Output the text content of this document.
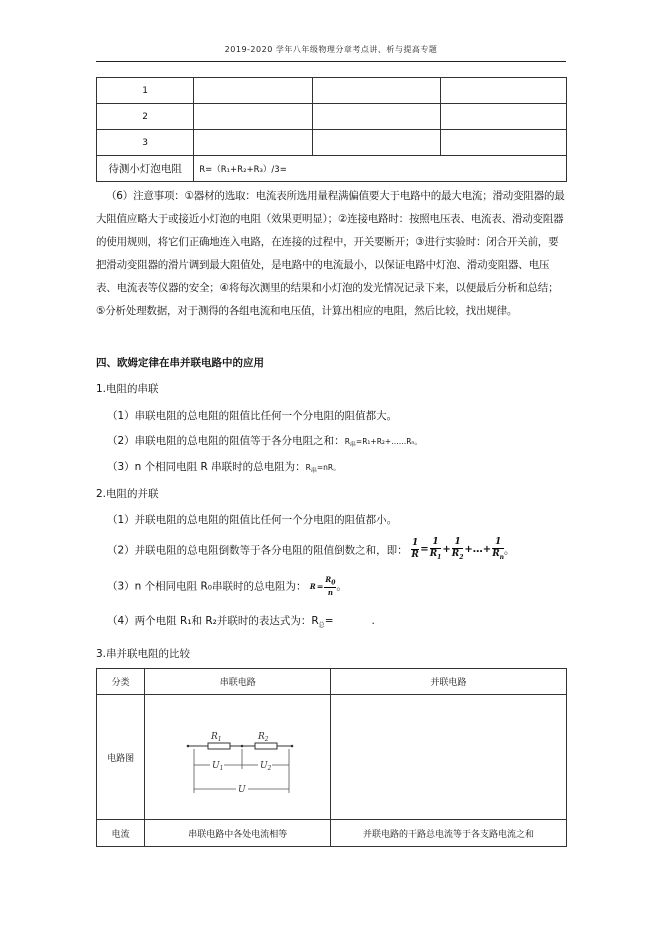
2019-2020 学年八年级物理分章考点讲、析与提高专题
1			
2			
3			
待测小灯泡电阻	R=（R₁+R₂+R₃）/3=		
（6）注意事项：①器材的选取：电流表所选用量程满偏值要大于电路中的最大电流；滑动变阻器的最大阻值应略大于或接近小灯泡的电阻（效果更明显）；②连接电路时：按照电压表、电流表、滑动变阻器的使用规则，将它们正确地连入电路，在连接的过程中，开关要断开；③进行实验时：闭合开关前，要把滑动变阻器的滑片调到最大阻值处，是电路中的电流最小，以保证电路中灯泡、滑动变阻器、电压表、电流表等仪器的安全；④将每次测里的结果和小灯泡的发光情况记录下来，以便最后分析和总结；⑤分析处理数据，对于测得的各组电流和电压值，计算出相应的电阻，然后比较，找出规律。
四、欧姆定律在串并联电路中的应用
1.电阻的串联
（1）串联电阻的总电阻的阻值比任何一个分电阻的阻值都大。
（2）串联电阻的总电阻的阻值等于各分电阻之和：$R_串=R_1+R_2+\dots\dots R_n$。
（3）n 个相同电阻 R 串联时的总电阻为：$R_串=nR$。
2.电阻的并联
（1）并联电阻的总电阻的阻值比任何一个分电阻的阻值都小。
（2）并联电阻的总电阻倒数等于各分电阻的阻值倒数之和，即： $\frac{1}{R} = \frac{1}{R_1} + \frac{1}{R_2}$ +…+ $\frac{1}{R_n}$ 。
（3）n 个相同电阻 R₀串联时的总电阻为： $R = \frac{R_0}{n}$ 。
（4）两个电阻 R₁和 R₂并联时的表达式为：$R_总=$	.
3.串并联电阻的比较
分类	串联电路	并联电路
电路图		
电流	串联电路中各处电流相等	并联电路的干路总电流等于各支路电流之和
$R_1$	$R_2$
$U_1$	$U_2$
U
